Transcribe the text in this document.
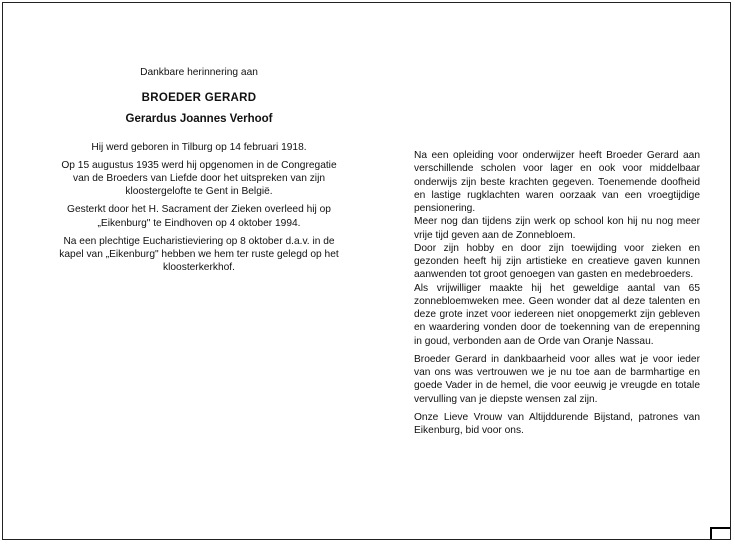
Dankbare herinnering aan

BROEDER GERARD

Gerardus Joannes Verhoof

Hij werd geboren in Tilburg op 14 februari 1918.

Op 15 augustus 1935 werd hij opgenomen in de Congregatie van de Broeders van Liefde door het uitspreken van zijn kloostergelofte te Gent in België.

Gesterkt door het H. Sacrament der Zieken overleed hij op „Eikenburg" te Eindhoven op 4 oktober 1994.

Na een plechtige Eucharistieviering op 8 oktober d.a.v. in de kapel van „Eikenburg" hebben we hem ter ruste gelegd op het kloosterkerkhof.

Na een opleiding voor onderwijzer heeft Broeder Gerard aan verschillende scholen voor lager en ook voor middelbaar onderwijs zijn beste krachten gegeven. Toenemende doofheid en lastige rugklachten waren oorzaak van een vroegtijdige pensionering.

Meer nog dan tijdens zijn werk op school kon hij nu nog meer vrije tijd geven aan de Zonnebloem.

Door zijn hobby en door zijn toewijding voor zieken en gezonden heeft hij zijn artistieke en creatieve gaven kunnen aanwenden tot groot genoegen van gasten en medebroeders.

Als vrijwilliger maakte hij het geweldige aantal van 65 zonnebloemweken mee. Geen wonder dat al deze talenten en deze grote inzet voor iedereen niet onopgemerkt zijn gebleven en waardering vonden door de toekenning van de erepenning in goud, verbonden aan de Orde van Oranje Nassau.

Broeder Gerard in dankbaarheid voor alles wat je voor ieder van ons was vertrouwen we je nu toe aan de barmhartige en goede Vader in de hemel, die voor eeuwig je vreugde en totale vervulling van je diepste wensen zal zijn.

Onze Lieve Vrouw van Altijddurende Bijstand, patrones van Eikenburg, bid voor ons.
